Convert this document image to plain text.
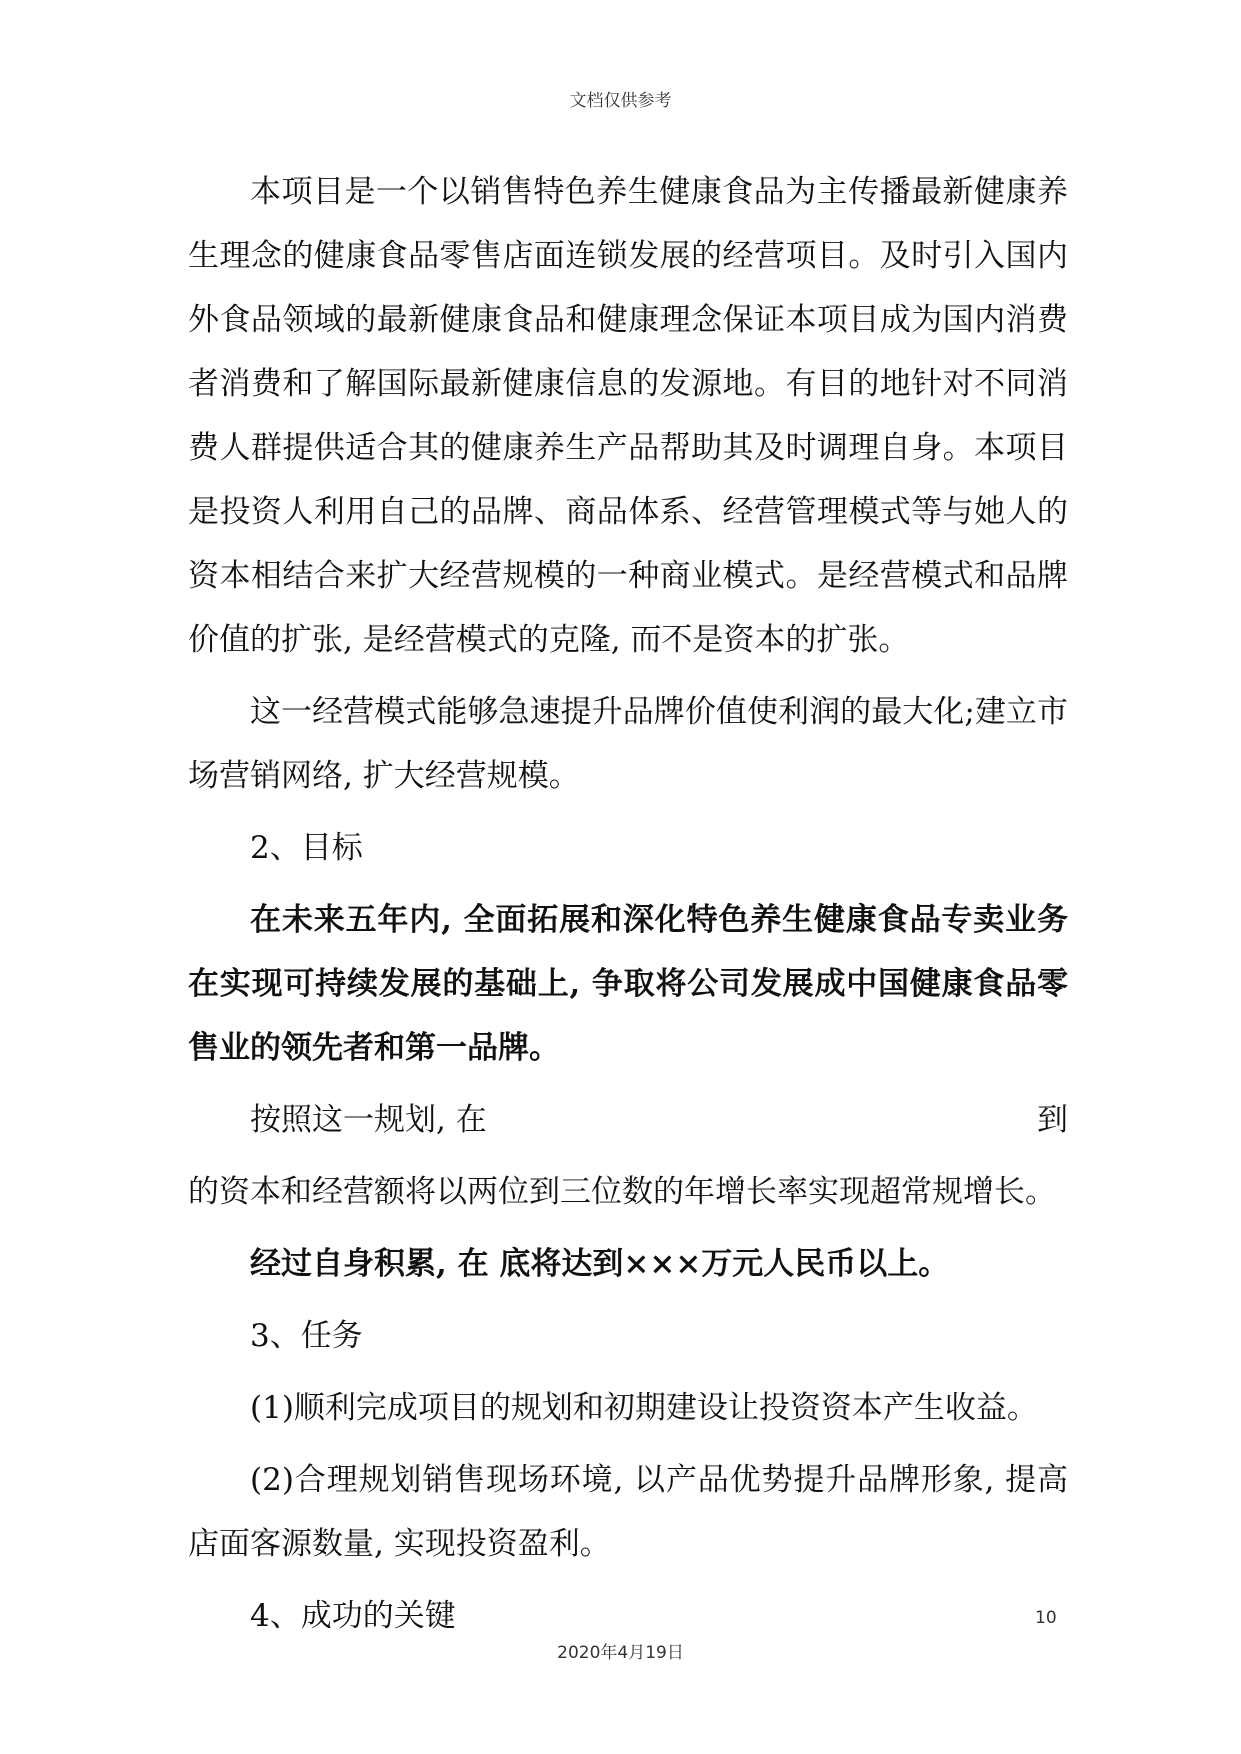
文档仅供参考

本项目是一个以销售特色养生健康食品为主传播最新健康养生理念的健康食品零售店面连锁发展的经营项目。及时引入国内外食品领域的最新健康食品和健康理念保证本项目成为国内消费者消费和了解国际最新健康信息的发源地。有目的地针对不同消费人群提供适合其的健康养生产品帮助其及时调理自身。本项目是投资人利用自己的品牌、商品体系、经营管理模式等与她人的资本相结合来扩大经营规模的一种商业模式。是经营模式和品牌价值的扩张, 是经营模式的克隆, 而不是资本的扩张。

这一经营模式能够急速提升品牌价值使利润的最大化;建立市场营销网络, 扩大经营规模。

2、目标

在未来五年内, 全面拓展和深化特色养生健康食品专卖业务在实现可持续发展的基础上, 争取将公司发展成中国健康食品零售业的领先者和第一品牌。

按照这一规划, 在	到

的资本和经营额将以两位到三位数的年增长率实现超常规增长。

经过自身积累, 在 底将达到×××万元人民币以上。

3、任务

(1)顺利完成项目的规划和初期建设让投资资本产生收益。

(2)合理规划销售现场环境, 以产品优势提升品牌形象, 提高店面客源数量, 实现投资盈利。

4、成功的关键	10
2020年4月19日
